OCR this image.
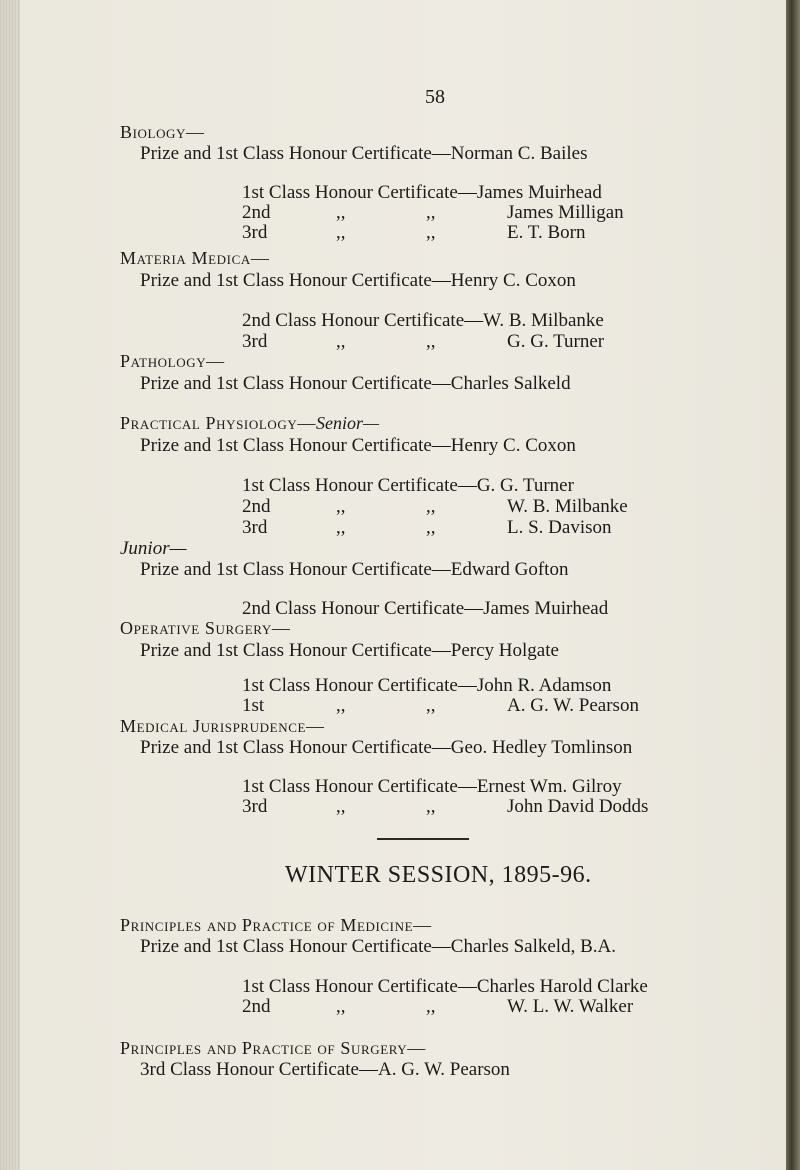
58
Biology—
Prize and 1st Class Honour Certificate—Norman C. Bailes
1st Class Honour Certificate—James Muirhead
2nd	,,	,,	James Milligan
3rd	,,	,,	E. T. Born
Materia Medica—
Prize and 1st Class Honour Certificate—Henry C. Coxon
2nd Class Honour Certificate—W. B. Milbanke
3rd	,,	,,	G. G. Turner
Pathology—
Prize and 1st Class Honour Certificate—Charles Salkeld
Practical Physiology—Senior—
Prize and 1st Class Honour Certificate—Henry C. Coxon
1st Class Honour Certificate—G. G. Turner
2nd	,,	,,	W. B. Milbanke
3rd	,,	,,	L. S. Davison
Junior—
Prize and 1st Class Honour Certificate—Edward Gofton
2nd Class Honour Certificate—James Muirhead
Operative Surgery—
Prize and 1st Class Honour Certificate—Percy Holgate
1st Class Honour Certificate—John R. Adamson
1st	,,	,,	A. G. W. Pearson
Medical Jurisprudence—
Prize and 1st Class Honour Certificate—Geo. Hedley Tomlinson
1st Class Honour Certificate—Ernest Wm. Gilroy
3rd	,,	,,	John David Dodds
WINTER SESSION, 1895-96.
Principles and Practice of Medicine—
Prize and 1st Class Honour Certificate—Charles Salkeld, B.A.
1st Class Honour Certificate—Charles Harold Clarke
2nd	,,	,,	W. L. W. Walker
Principles and Practice of Surgery—
3rd Class Honour Certificate—A. G. W. Pearson
